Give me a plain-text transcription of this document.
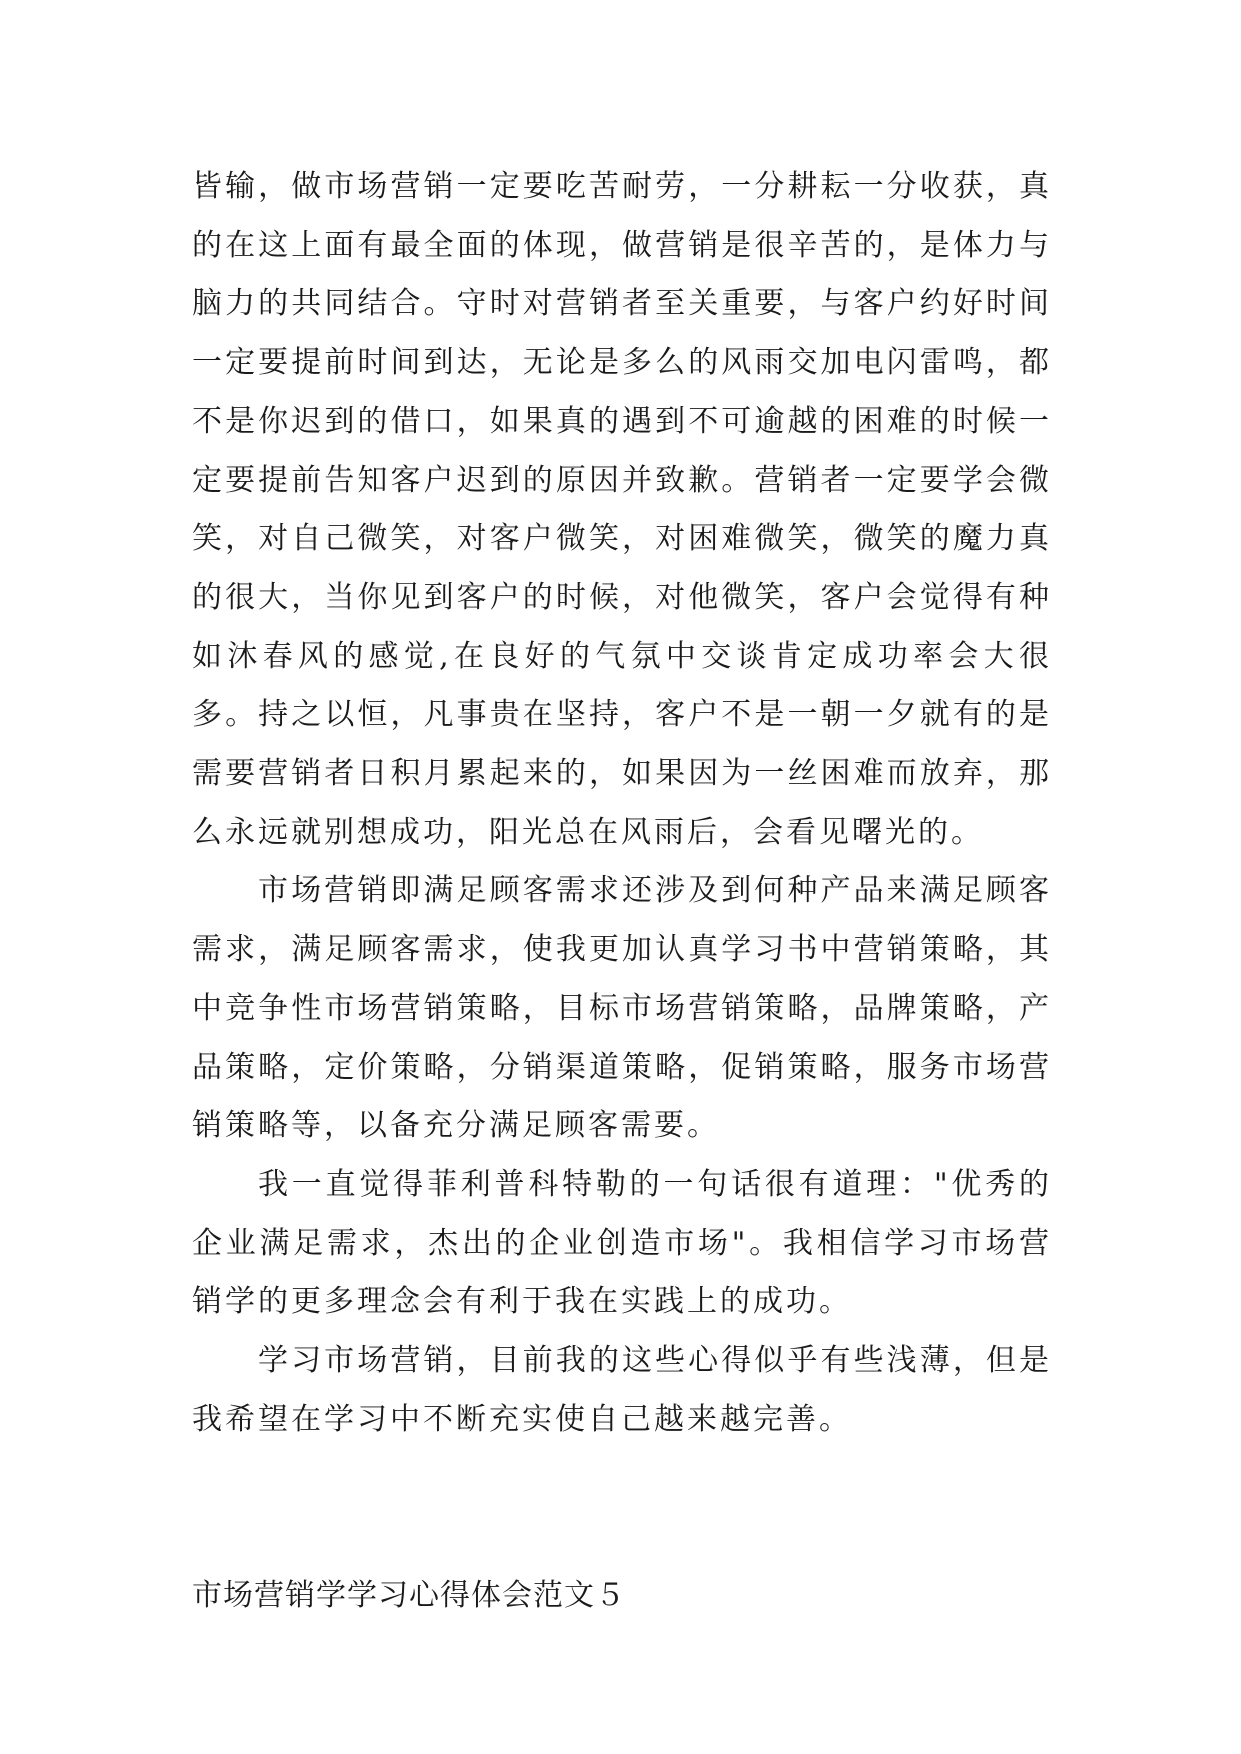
皆输，做市场营销一定要吃苦耐劳，一分耕耘一分收获，真的在这上面有最全面的体现，做营销是很辛苦的，是体力与脑力的共同结合。守时对营销者至关重要，与客户约好时间一定要提前时间到达，无论是多么的风雨交加电闪雷鸣，都不是你迟到的借口，如果真的遇到不可逾越的困难的时候一定要提前告知客户迟到的原因并致歉。营销者一定要学会微笑，对自己微笑，对客户微笑，对困难微笑，微笑的魔力真的很大，当你见到客户的时候，对他微笑，客户会觉得有种如沐春风的感觉,在良好的气氛中交谈肯定成功率会大很多。持之以恒，凡事贵在坚持，客户不是一朝一夕就有的是需要营销者日积月累起来的，如果因为一丝困难而放弃，那么永远就别想成功，阳光总在风雨后，会看见曙光的。

市场营销即满足顾客需求还涉及到何种产品来满足顾客需求，满足顾客需求，使我更加认真学习书中营销策略，其中竞争性市场营销策略，目标市场营销策略，品牌策略，产品策略，定价策略，分销渠道策略，促销策略，服务市场营销策略等，以备充分满足顾客需要。

我一直觉得菲利普科特勒的一句话很有道理："优秀的企业满足需求，杰出的企业创造市场"。我相信学习市场营销学的更多理念会有利于我在实践上的成功。

学习市场营销，目前我的这些心得似乎有些浅薄，但是我希望在学习中不断充实使自己越来越完善。

市场营销学学习心得体会范文５
